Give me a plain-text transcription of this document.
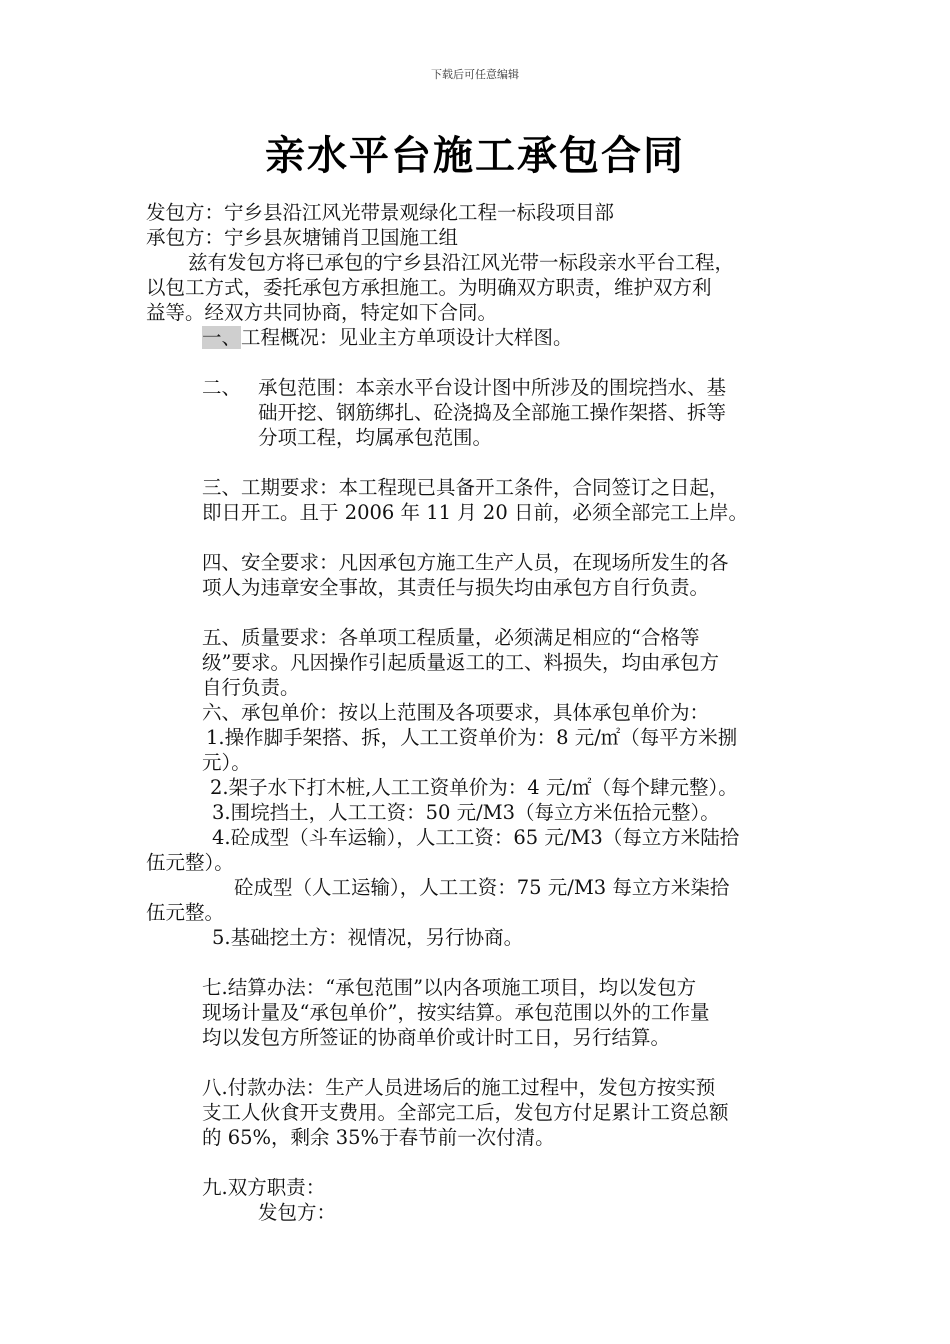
下载后可任意编辑
亲水平台施工承包合同
发包方：宁乡县沿江风光带景观绿化工程一标段项目部
承包方：宁乡县灰塘铺肖卫国施工组
兹有发包方将已承包的宁乡县沿江风光带一标段亲水平台工程，
以包工方式，委托承包方承担施工。为明确双方职责，维护双方利
益等。经双方共同协商，特定如下合同。
一、工程概况：见业主方单项设计大样图。
二、 承包范围：本亲水平台设计图中所涉及的围垸挡水、基
础开挖、钢筋绑扎、砼浇捣及全部施工操作架搭、拆等
分项工程，均属承包范围。
三、工期要求：本工程现已具备开工条件，合同签订之日起，
即日开工。且于 2006 年 11 月 20 日前，必须全部完工上岸。
四、安全要求：凡因承包方施工生产人员，在现场所发生的各
项人为违章安全事故，其责任与损失均由承包方自行负责。
五、质量要求：各单项工程质量，必须满足相应的“合格等
级”要求。凡因操作引起质量返工的工、料损失，均由承包方
自行负责。
六、承包单价：按以上范围及各项要求，具体承包单价为：
1.操作脚手架搭、拆，人工工资单价为：8 元/㎡（每平方米捌
元）。
2.架子水下打木桩,人工工资单价为：4 元/㎡（每个肆元整）。
3.围垸挡土，人工工资：50 元/M3（每立方米伍拾元整）。
4.砼成型（斗车运输），人工工资：65 元/M3（每立方米陆拾
伍元整）。
砼成型（人工运输），人工工资：75 元/M3 每立方米柒拾
伍元整。
5.基础挖土方：视情况，另行协商。
七.结算办法：“承包范围”以内各项施工项目，均以发包方
现场计量及“承包单价”，按实结算。承包范围以外的工作量
均以发包方所签证的协商单价或计时工日，另行结算。
八.付款办法：生产人员进场后的施工过程中，发包方按实预
支工人伙食开支费用。全部完工后，发包方付足累计工资总额
的 65%，剩余 35%于春节前一次付清。
九.双方职责：
发包方：
